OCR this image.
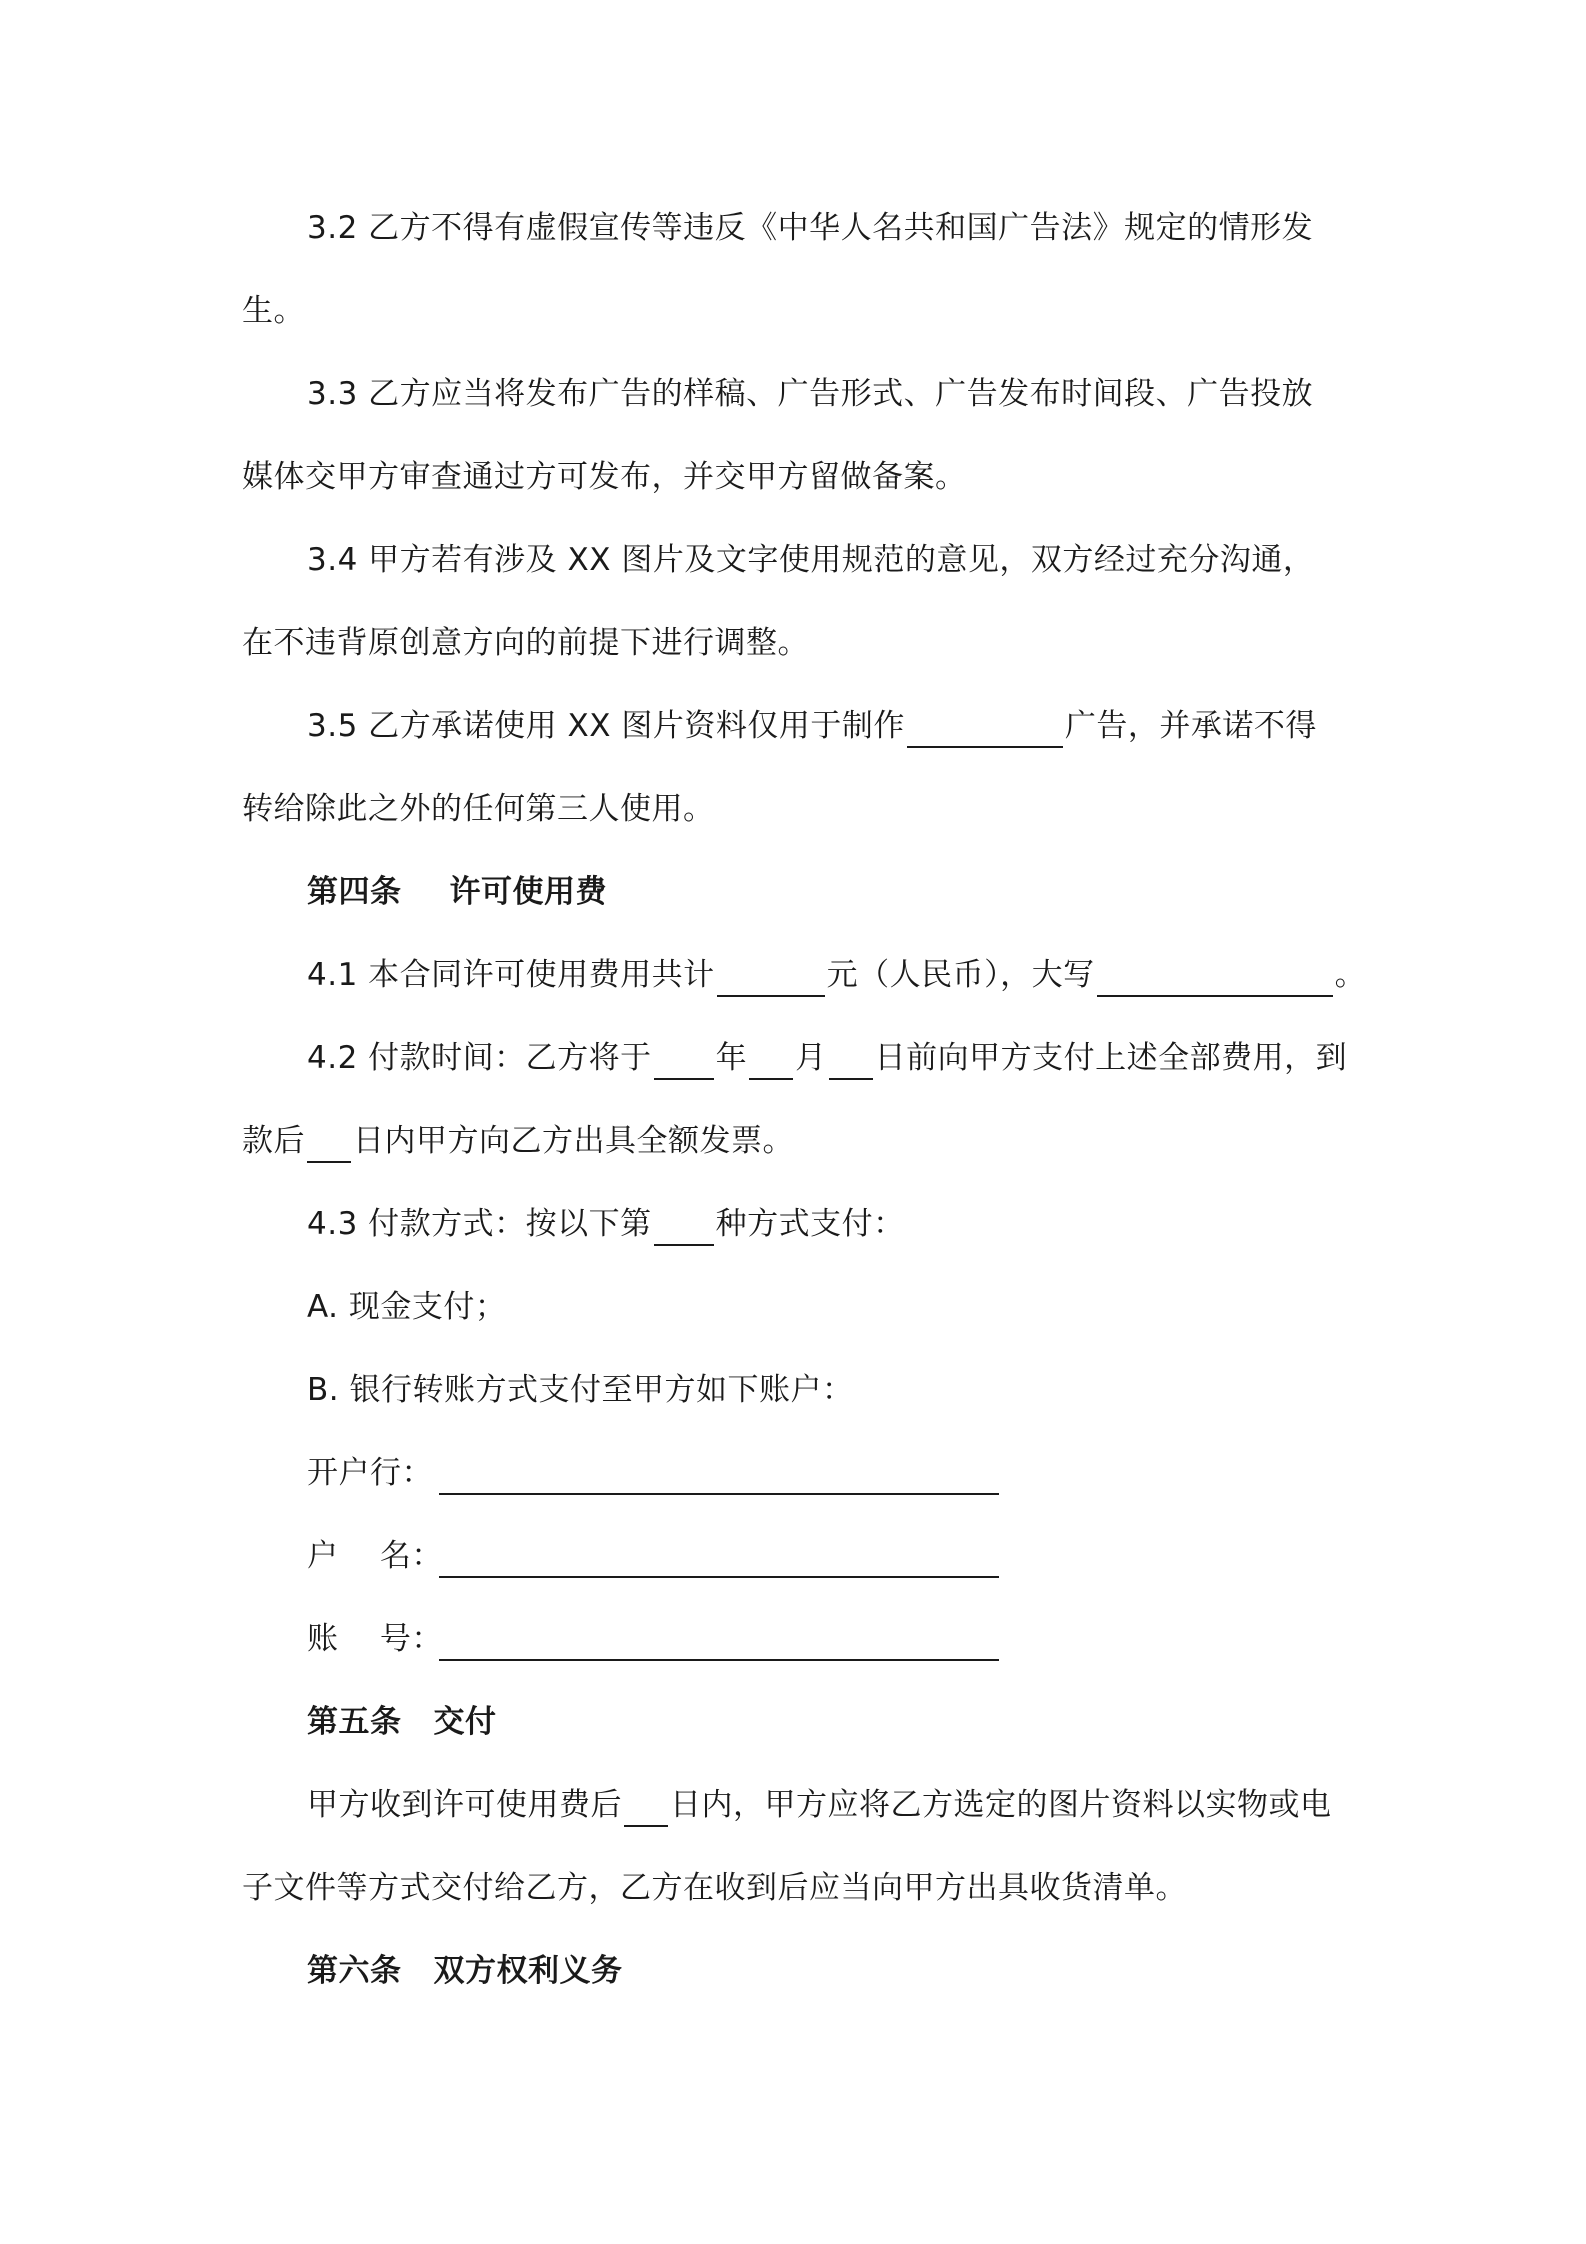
3.2 乙方不得有虚假宣传等违反《中华人名共和国广告法》规定的情形发
生。
3.3 乙方应当将发布广告的样稿、广告形式、广告发布时间段、广告投放
媒体交甲方审查通过方可发布，并交甲方留做备案。
3.4 甲方若有涉及 XX 图片及文字使用规范的意见，双方经过充分沟通，
在不违背原创意方向的前提下进行调整。
3.5 乙方承诺使用 XX 图片资料仅用于制作	广告，并承诺不得
转给除此之外的任何第三人使用。
第四条 许可使用费
4.1 本合同许可使用费用共计	元（人民币），大写	。
4.2 付款时间：乙方将于 年 月 日前向甲方支付上述全部费用，到
款后 日内甲方向乙方出具全额发票。
4.3 付款方式：按以下第 种方式支付：
A. 现金支付；
B. 银行转账方式支付至甲方如下账户：
开户行：
户    名：
账    号：
第五条 交付
甲方收到许可使用费后 日内，甲方应将乙方选定的图片资料以实物或电
子文件等方式交付给乙方，乙方在收到后应当向甲方出具收货清单。
第六条 双方权利义务
